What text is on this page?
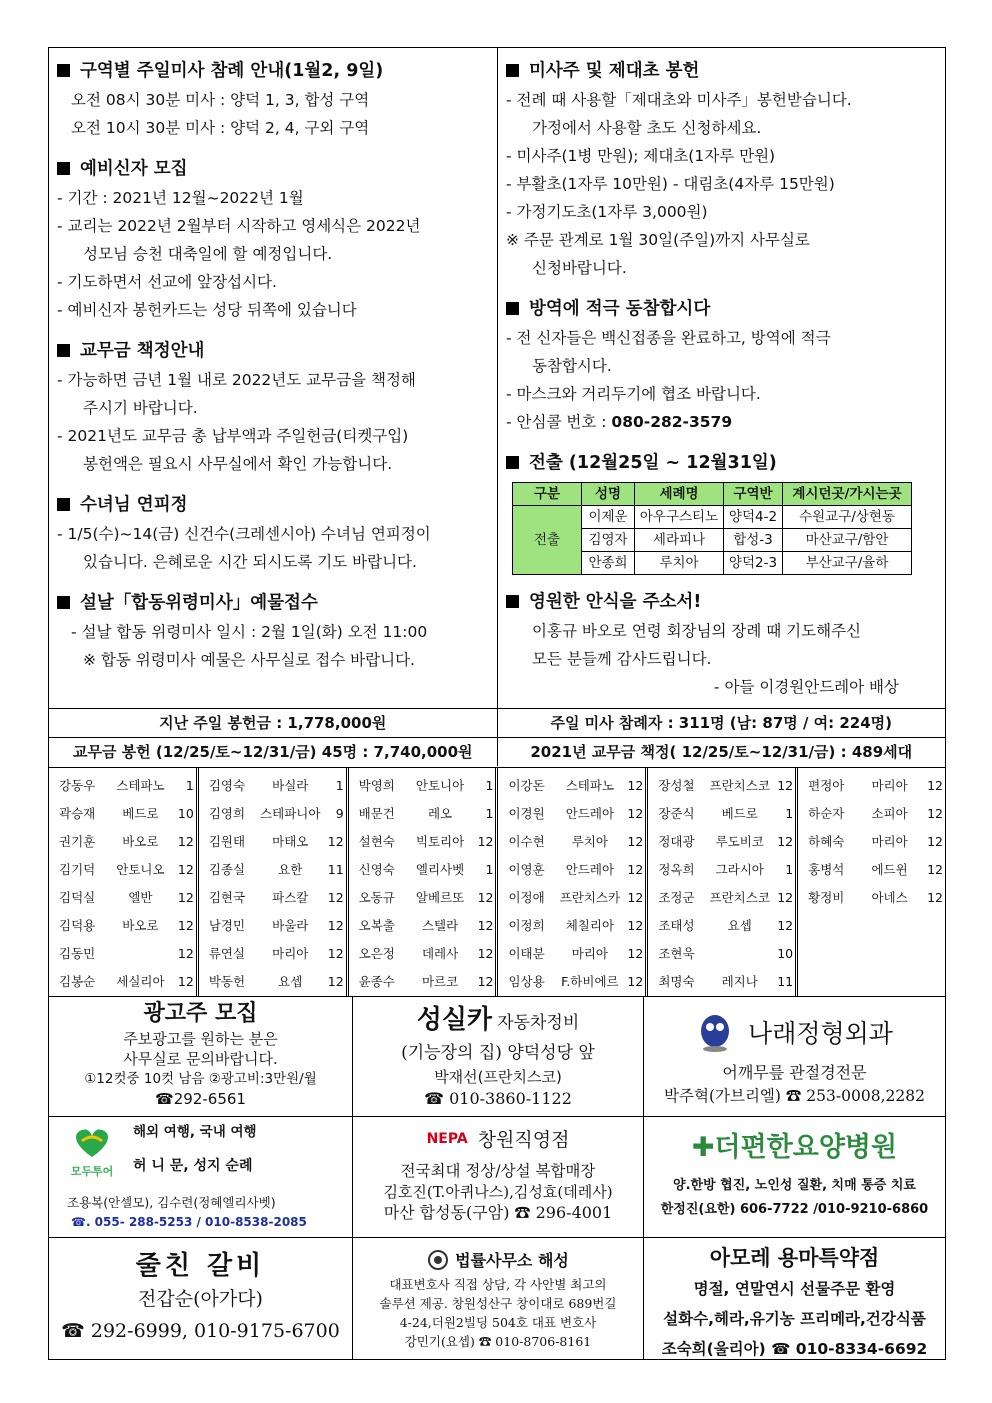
구역별 주일미사 참례 안내(1월2, 9일)
오전 08시 30분 미사 : 양덕 1, 3, 합성 구역
오전 10시 30분 미사 : 양덕 2, 4, 구외 구역
예비신자 모집
- 기간 : 2021년 12월~2022년 1월
- 교리는 2022년 2월부터 시작하고 영세식은 2022년
성모님 승천 대축일에 할 예정입니다.
- 기도하면서 선교에 앞장섭시다.
- 예비신자 봉헌카드는 성당 뒤쪽에 있습니다
교무금 책정안내
- 가능하면 금년 1월 내로 2022년도 교무금을 책정해
주시기 바랍니다.
- 2021년도 교무금 총 납부액과 주일헌금(티켓구입)
봉헌액은 필요시 사무실에서 확인 가능합니다.
수녀님 연피정
- 1/5(수)~14(금) 신건수(크레센시아) 수녀님 연피정이
있습니다. 은혜로운 시간 되시도록 기도 바랍니다.
설날「합동위령미사」예물접수
- 설날 합동 위령미사 일시 : 2월 1일(화) 오전 11:00
※ 합동 위령미사 예물은 사무실로 접수 바랍니다.
미사주 및 제대초 봉헌
- 전례 때 사용할「제대초와 미사주」봉헌받습니다.
가정에서 사용할 초도 신청하세요.
- 미사주(1병 만원); 제대초(1자루 만원)
- 부활초(1자루 10만원) - 대림초(4자루 15만원)
- 가정기도초(1자루 3,000원)
※ 주문 관계로 1월 30일(주일)까지 사무실로
신청바랍니다.
방역에 적극 동참합시다
- 전 신자들은 백신접종을 완료하고, 방역에 적극
동참합시다.
- 마스크와 거리두기에 협조 바랍니다.
- 안심콜 번호 : 080-282-3579
전출 (12월25일 ~ 12월31일)
구분	성명	세례명	구역반	계시던곳/가시는곳
전출	이제운	아우구스티노	양덕4-2	수원교구/상현동
	김영자	세라피나	합성-3	마산교구/함안
	안종희	루치아	양덕2-3	부산교구/율하
영원한 안식을 주소서!
이홍규 바오로 연령 회장님의 장례 때 기도해주신
모든 분들께 감사드립니다.
- 아들 이경원안드레아 배상
지난 주일 봉헌금 : 1,778,000원	주일 미사 참례자 : 311명 (남: 87명 / 여: 224명)
교무금 봉헌 (12/25/토~12/31/금) 45명 : 7,740,000원	2021년 교무금 책정( 12/25/토~12/31/금) : 489세대
강동우	스테파노	1
곽승재	베드로	10
권기훈	바오로	12
김기덕	안토니오	12
김덕실	엘반	12
김덕용	바오로	12
김동민	12
김봉순	세실리아	12
김영숙	바실라	1
김영희	스테파니아	9
김원태	마태오	12
김종실	요한	11
김현국	파스칼	12
남경민	바울라	12
류연실	마리아	12
박동헌	요셉	12
박영희	안토니아	1
배문건	레오	1
설현숙	빅토리아	12
신영숙	엘리사벳	1
오동규	알베르또	12
오복출	스텔라	12
오은정	데레사	12
윤종수	마르코	12
이강돈	스테파노	12
이경원	안드레아	12
이수현	루치아	12
이영훈	안드레아	12
이정애	프란치스카 12
이정희	체칠리아	12
이태분	마리아	12
임상용	F.하비에르 12
장성철	프란치스코 12
장준식	베드로	1
정대광	루도비코	12
정옥희	그라시아	1
조정군	프란치스코 12
조태성	요셉	12
조현욱	10
최명숙	레지나	11
편정아	마리아	12
하순자	소피아	12
하혜숙	마리아	12
홍병석	에드윈	12
황정비	아네스	12
광고주 모집
주보광고를 원하는 분은
사무실로 문의바랍니다.
①12컷중 10컷 남음 ②광고비:3만원/월
☎292-6561
성실카 자동차정비
(기능장의 집) 양덕성당 앞
박재선(프란치스코)
☎ 010-3860-1122
나래정형외과
어깨무릎 관절경전문
박주혁(가브리엘) ☎ 253-0008,2282
모두투어
해외 여행, 국내 여행
허 니 문, 성지 순례
조용복(안셀모), 김수련(정혜엘리사벳)
☎. 055- 288-5253 / 010-8538-2085
NEPA 창원직영점
전국최대 정상/상설 복합매장
김호진(T.아퀴나스),김성효(데레사)
마산 합성동(구암) ☎ 296-4001
✚더편한요양병원
양.한방 협진, 노인성 질환, 치매 통증 치료
한정진(요한) 606-7722 /010-9210-6860
줄친 갈비
전갑순(아가다)
☎ 292-6999, 010-9175-6700
법률사무소 해성
대표변호사 직접 상담, 각 사안별 최고의
솔루션 제공. 창원성산구 창이대로 689번길
4-24,더원2빌딩 504호 대표 변호사
강민기(요셉) ☎ 010-8706-8161
아모레 용마특약점
명절, 연말연시 선물주문 환영
설화수,헤라,유기농 프리메라,건강식품
조숙희(울리아) ☎ 010-8334-6692
